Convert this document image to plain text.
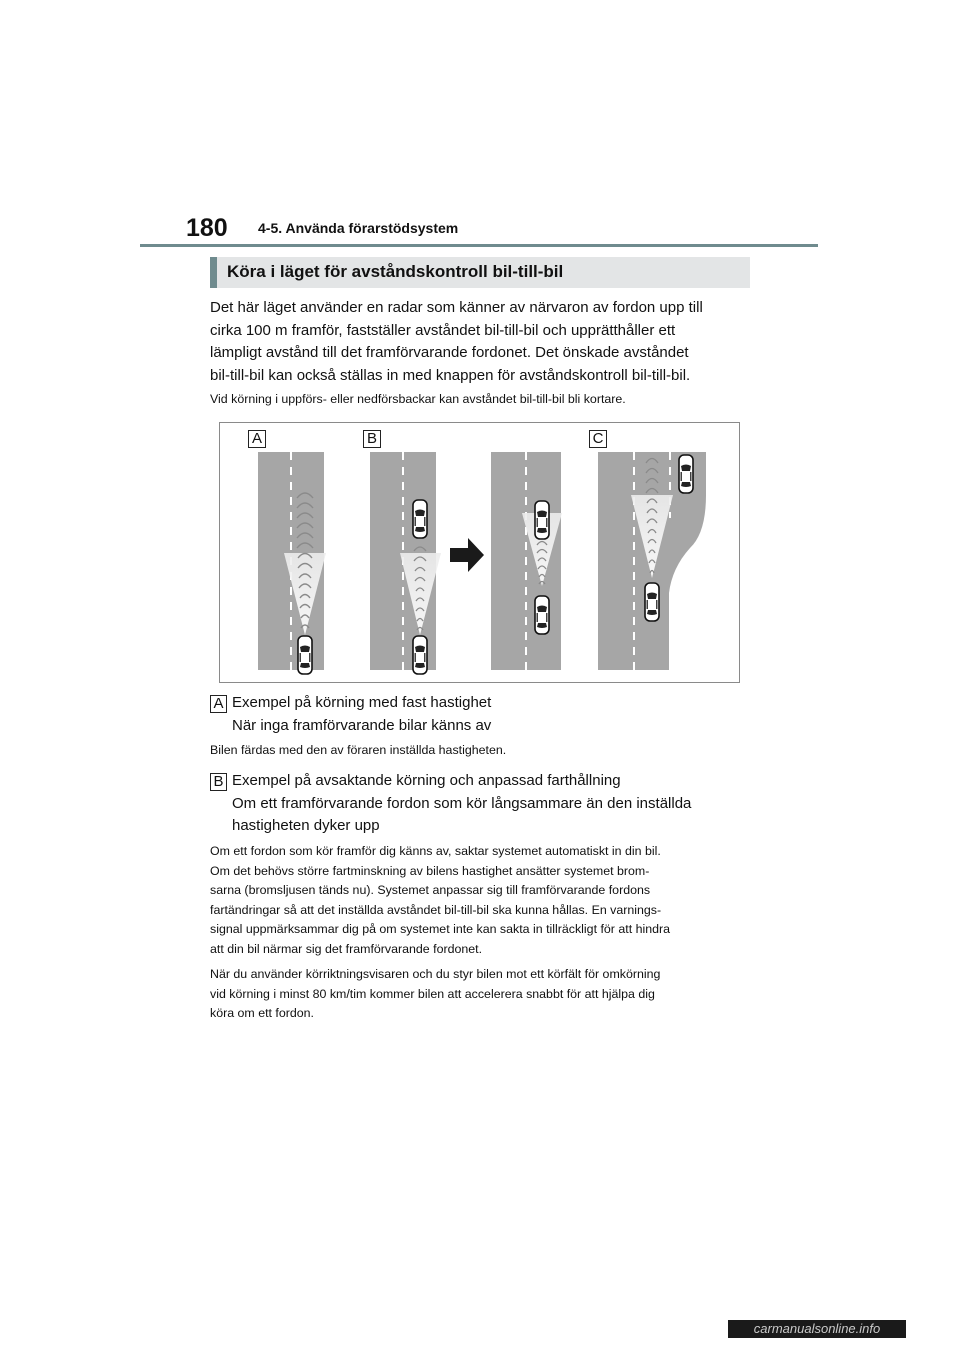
180 4-5. Använda förarstödsystem
Köra i läget för avståndskontroll bil-till-bil
Det här läget använder en radar som känner av närvaron av fordon upp till
cirka 100 m framför, fastställer avståndet bil-till-bil och upprätthåller ett
lämpligt avstånd till det framförvarande fordonet. Det önskade avståndet
bil-till-bil kan också ställas in med knappen för avståndskontroll bil-till-bil.
Vid körning i uppförs- eller nedförsbackar kan avståndet bil-till-bil bli kortare.
A	B	C
A Exempel på körning med fast hastighet
När inga framförvarande bilar känns av
Bilen färdas med den av föraren inställda hastigheten.
B Exempel på avsaktande körning och anpassad farthållning
Om ett framförvarande fordon som kör långsammare än den inställda
hastigheten dyker upp
Om ett fordon som kör framför dig känns av, saktar systemet automatiskt in din bil.
Om det behövs större fartminskning av bilens hastighet ansätter systemet brom-
sarna (bromsljusen tänds nu). Systemet anpassar sig till framförvarande fordons
fartändringar så att det inställda avståndet bil-till-bil ska kunna hållas. En varnings-
signal uppmärksammar dig på om systemet inte kan sakta in tillräckligt för att hindra
att din bil närmar sig det framförvarande fordonet.
När du använder körriktningsvisaren och du styr bilen mot ett körfält för omkörning
vid körning i minst 80 km/tim kommer bilen att accelerera snabbt för att hjälpa dig
köra om ett fordon.
carmanualsonline.info
